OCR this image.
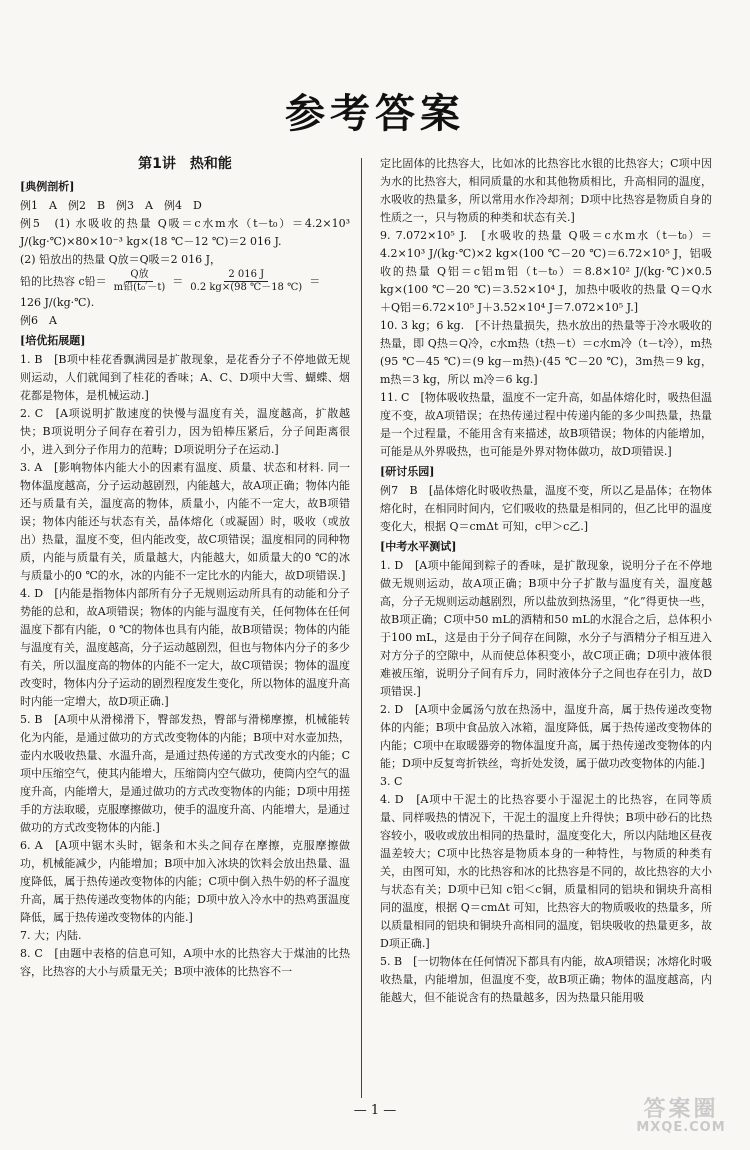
参考答案
第1讲　热和能
[典例剖析]

例1　A　例2　B　例3　A　例4　D

例5　(1) 水吸收的热量 Q吸＝c水m水（t－t₀）＝4.2×10³ J/(kg·℃)×80×10⁻³ kg×(18 ℃－12 ℃)＝2 016 J.

(2) 铅放出的热量 Q放＝Q吸＝2 016 J，

铅的比热容 c铅＝ $\frac{\text{Q放}}{\text{m铅(t₀′－t)}} = \frac{2 016 J}{0.2 kg\times(98 ℃-18 ℃)}$ ＝

126 J/(kg·℃).

例6　A

[培优拓展题]

1. B　[B项中桂花香飘满园是扩散现象，是花香分子不停地做无规则运动，人们就闻到了桂花的香味；A、C、D项中大雪、蝴蝶、烟花都是物体，是机械运动.]

2. C　[A项说明扩散速度的快慢与温度有关，温度越高，扩散越快；B项说明分子间存在着引力，因为铅棒压紧后，分子间距离很小，进入到分子作用力的范畴；D项说明分子在运动.]

3. A　[影响物体内能大小的因素有温度、质量、状态和材料. 同一物体温度越高，分子运动越剧烈，内能越大，故A项正确；物体内能还与质量有关，温度高的物体，质量小，内能不一定大，故B项错误；物体内能还与状态有关，晶体熔化（或凝固）时，吸收（或放出）热量，温度不变，但内能改变，故C项错误；温度相同的同种物质，内能与质量有关，质量越大，内能越大，如质量大的0 ℃的冰与质量小的0 ℃的水，冰的内能不一定比水的内能大，故D项错误.]

4. D　[内能是指物体内部所有分子无规则运动所具有的动能和分子势能的总和，故A项错误；物体的内能与温度有关，任何物体在任何温度下都有内能，0 ℃的物体也具有内能，故B项错误；物体的内能与温度有关，温度越高，分子运动越剧烈，但也与物体内分子的多少有关，所以温度高的物体的内能不一定大，故C项错误；物体的温度改变时，物体内分子运动的剧烈程度发生变化，所以物体的温度升高时内能一定增大，故D项正确.]

5. B　[A项中从滑梯滑下，臀部发热，臀部与滑梯摩擦，机械能转化为内能，是通过做功的方式改变物体的内能；B项中对水壶加热，壶内水吸收热量、水温升高，是通过热传递的方式改变水的内能；C项中压缩空气，使其内能增大，压缩筒内空气做功，使筒内空气的温度升高，内能增大，是通过做功的方式改变物体的内能；D项中用搓手的方法取暖，克服摩擦做功，使手的温度升高、内能增大，是通过做功的方式改变物体的内能.]

6. A　[A项中锯木头时，锯条和木头之间存在摩擦，克服摩擦做功，机械能减少，内能增加；B项中加入冰块的饮料会放出热量、温度降低，属于热传递改变物体的内能；C项中倒入热牛奶的杯子温度升高，属于热传递改变物体的内能；D项中放入冷水中的热鸡蛋温度降低，属于热传递改变物体的内能.]

7. 大；内陆.

8. C　[由题中表格的信息可知，A项中水的比热容大于煤油的比热容，比热容的大小与质量无关；B项中液体的比热容不一

定比固体的比热容大，比如冰的比热容比水银的比热容大；C项中因为水的比热容大，相同质量的水和其他物质相比，升高相同的温度，水吸收的热量多，所以常用水作冷却剂；D项中比热容是物质自身的性质之一，只与物质的种类和状态有关.]

9. 7.072×10⁵ J.　[水吸收的热量 Q吸＝c水m水（t－t₀）＝4.2×10³ J/(kg·℃)×2 kg×(100 ℃－20 ℃)＝6.72×10⁵ J，铝吸收的热量 Q铝＝c铝m铝（t－t₀）＝8.8×10² J/(kg·℃)×0.5 kg×(100 ℃－20 ℃)＝3.52×10⁴ J，加热中吸收的热量 Q＝Q水＋Q铝＝6.72×10⁵ J＋3.52×10⁴ J＝7.072×10⁵ J.]

10. 3 kg；6 kg.　[不计热量损失，热水放出的热量等于冷水吸收的热量，即 Q热＝Q冷，c水m热（t热－t）＝c水m冷（t－t冷），m热(95 ℃－45 ℃)＝(9 kg－m热)·(45 ℃－20 ℃)，3m热＝9 kg，m热＝3 kg，所以 m冷＝6 kg.]

11. C　[物体吸收热量，温度不一定升高，如晶体熔化时，吸热但温度不变，故A项错误；在热传递过程中传递内能的多少叫热量，热量是一个过程量，不能用含有来描述，故B项错误；物体的内能增加，可能是从外界吸热，也可能是外界对物体做功，故D项错误.]

[研讨乐园]

例7　B　[晶体熔化时吸收热量，温度不变，所以乙是晶体；在物体熔化时，在相同时间内，它们吸收的热量是相同的，但乙比甲的温度变化大，根据 Q＝cmΔt 可知，c甲＞c乙.]

[中考水平测试]

1. D　[A项中能闻到粽子的香味，是扩散现象，说明分子在不停地做无规则运动，故A项正确；B项中分子扩散与温度有关，温度越高，分子无规则运动越剧烈，所以盐放到热汤里，“化”得更快一些，故B项正确；C项中50 mL的酒精和50 mL的水混合之后，总体积小于100 mL，这是由于分子间存在间隙，水分子与酒精分子相互进入对方分子的空隙中，从而使总体积变小，故C项正确；D项中液体很难被压缩，说明分子间有斥力，同时液体分子之间也存在引力，故D项错误.]

2. D　[A项中金属汤勺放在热汤中，温度升高，属于热传递改变物体的内能；B项中食品放入冰箱，温度降低，属于热传递改变物体的内能；C项中在取暖器旁的物体温度升高，属于热传递改变物体的内能；D项中反复弯折铁丝，弯折处发烫，属于做功改变物体的内能.]

3. C

4. D　[A项中干泥土的比热容要小于湿泥土的比热容，在同等质量、同样吸热的情况下，干泥土的温度上升得快；B项中砂石的比热容较小，吸收或放出相同的热量时，温度变化大，所以内陆地区昼夜温差较大；C项中比热容是物质本身的一种特性，与物质的种类有关，由图可知，水的比热容和冰的比热容是不同的，故比热容的大小与状态有关；D项中已知 c铝＜c铜，质量相同的铝块和铜块升高相同的温度，根据 Q＝cmΔt 可知，比热容大的物质吸收的热量多，所以质量相同的铝块和铜块升高相同的温度，铝块吸收的热量更多，故D项正确.]

5. B　[一切物体在任何情况下都具有内能，故A项错误；冰熔化时吸收热量，内能增加，但温度不变，故B项正确；物体的温度越高，内能越大，但不能说含有的热量越多，因为热量只能用吸

— 1 —	答案圈
MXQE.COM
